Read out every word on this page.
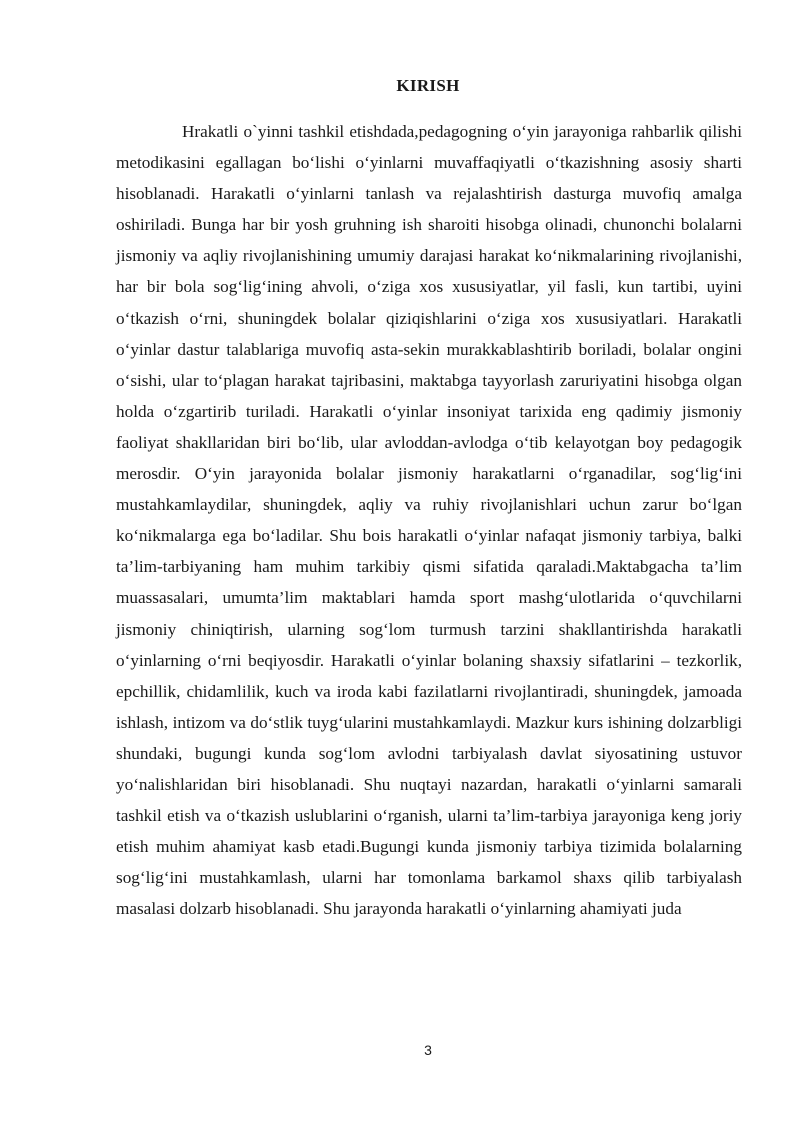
KIRISH

Hrakatli o`yinni tashkil etishdada,pedagogning o‘yin jarayoniga rahbarlik qilishi metodikasini egallagan bo‘lishi o‘yinlarni muvaffaqiyatli o‘tkazishning asosiy sharti hisoblanadi. Harakatli o‘yinlarni tanlash va rejalashtirish dasturga muvofiq amalga oshiriladi. Bunga har bir yosh gruhning ish sharoiti hisobga olinadi, chunonchi bolalarni jismoniy va aqliy rivojlanishining umumiy darajasi harakat ko‘nikmalarining rivojlanishi, har bir bola sog‘lig‘ining ahvoli, o‘ziga xos xususiyatlar, yil fasli, kun tartibi, uyini o‘tkazish o‘rni, shuningdek bolalar qiziqishlarini o‘ziga xos xususiyatlari. Harakatli o‘yinlar dastur talablariga muvofiq asta-sekin murakkablashtirib boriladi, bolalar ongini o‘sishi, ular to‘plagan harakat tajribasini, maktabga tayyorlash zaruriyatini hisobga olgan holda o‘zgartirib turiladi. Harakatli o‘yinlar insoniyat tarixida eng qadimiy jismoniy faoliyat shakllaridan biri bo‘lib, ular avloddan-avlodga o‘tib kelayotgan boy pedagogik merosdir. O‘yin jarayonida bolalar jismoniy harakatlarni o‘rganadilar, sog‘lig‘ini mustahkamlaydilar, shuningdek, aqliy va ruhiy rivojlanishlari uchun zarur bo‘lgan ko‘nikmalarga ega bo‘ladilar. Shu bois harakatli o‘yinlar nafaqat jismoniy tarbiya, balki ta’lim-tarbiyaning ham muhim tarkibiy qismi sifatida qaraladi.Maktabgacha ta’lim muassasalari, umumta’lim maktablari hamda sport mashg‘ulotlarida o‘quvchilarni jismoniy chiniqtirish, ularning sog‘lom turmush tarzini shakllantirishda harakatli o‘yinlarning o‘rni beqiyosdir. Harakatli o‘yinlar bolaning shaxsiy sifatlarini – tezkorlik, epchillik, chidamlilik, kuch va iroda kabi fazilatlarni rivojlantiradi, shuningdek, jamoada ishlash, intizom va do‘stlik tuyg‘ularini mustahkamlaydi. Mazkur kurs ishining dolzarbligi shundaki, bugungi kunda sog‘lom avlodni tarbiyalash davlat siyosatining ustuvor yo‘nalishlaridan biri hisoblanadi. Shu nuqtayi nazardan, harakatli o‘yinlarni samarali tashkil etish va o‘tkazish uslublarini o‘rganish, ularni ta’lim-tarbiya jarayoniga keng joriy etish muhim ahamiyat kasb etadi.Bugungi kunda jismoniy tarbiya tizimida bolalarning sog‘lig‘ini mustahkamlash, ularni har tomonlama barkamol shaxs qilib tarbiyalash masalasi dolzarb hisoblanadi. Shu jarayonda harakatli o‘yinlarning ahamiyati juda

3
